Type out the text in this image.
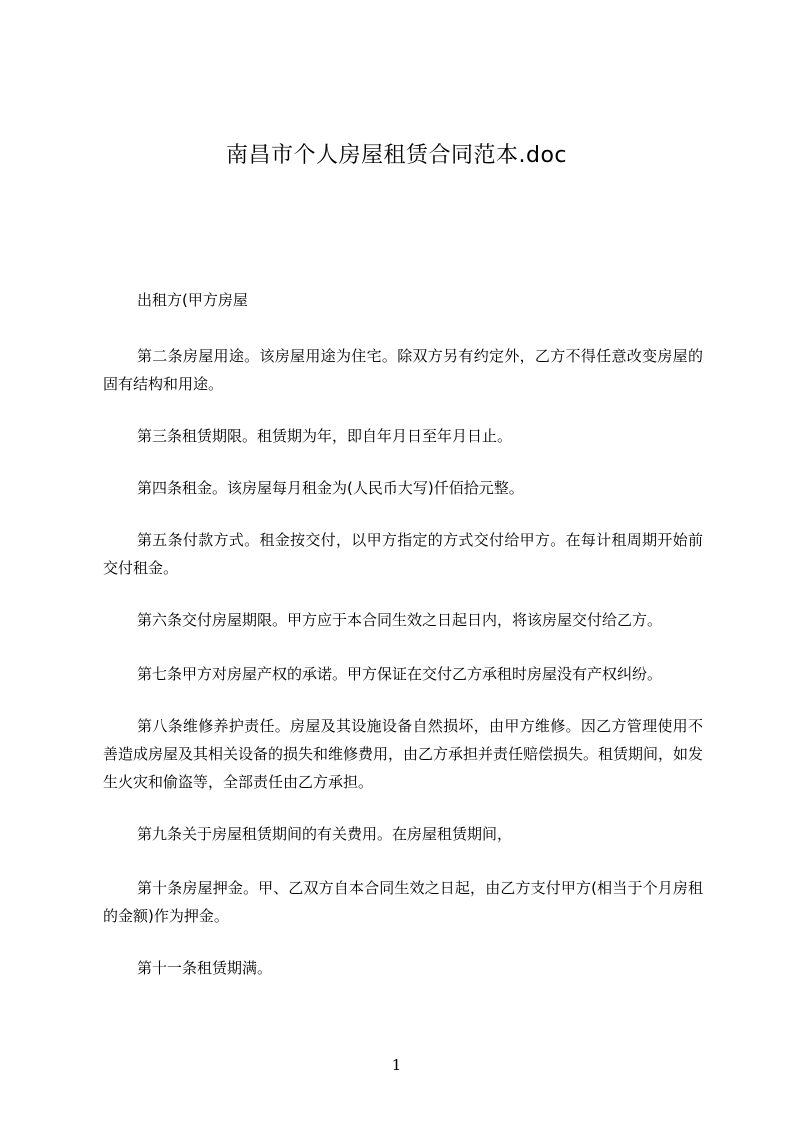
南昌市个人房屋租赁合同范本.doc
出租方(甲方房屋
第二条房屋用途。该房屋用途为住宅。除双方另有约定外，乙方不得任意改变房屋的固有结构和用途。
第三条租赁期限。租赁期为年，即自年月日至年月日止。
第四条租金。该房屋每月租金为(人民币大写)仟佰拾元整。
第五条付款方式。租金按交付，以甲方指定的方式交付给甲方。在每计租周期开始前交付租金。
第六条交付房屋期限。甲方应于本合同生效之日起日内，将该房屋交付给乙方。
第七条甲方对房屋产权的承诺。甲方保证在交付乙方承租时房屋没有产权纠纷。
第八条维修养护责任。房屋及其设施设备自然损坏，由甲方维修。因乙方管理使用不善造成房屋及其相关设备的损失和维修费用，由乙方承担并责任赔偿损失。租赁期间，如发生火灾和偷盗等，全部责任由乙方承担。
第九条关于房屋租赁期间的有关费用。在房屋租赁期间，
第十条房屋押金。甲、乙双方自本合同生效之日起，由乙方支付甲方(相当于个月房租的金额)作为押金。
第十一条租赁期满。
1
